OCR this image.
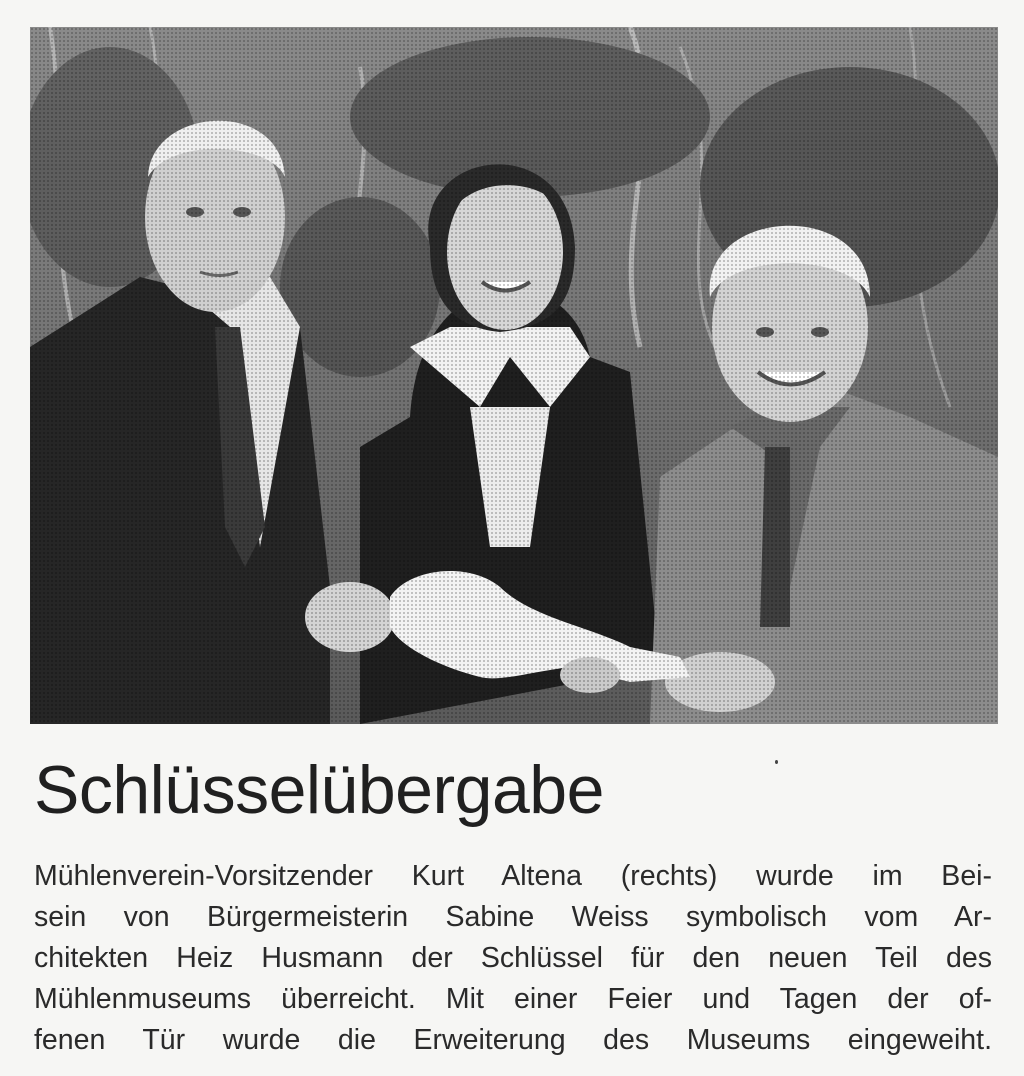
Schlüsselübergabe
Mühlenverein-Vorsitzender Kurt Altena (rechts) wurde im Bei-
sein von Bürgermeisterin Sabine Weiss symbolisch vom Ar-
chitekten Heiz Husmann der Schlüssel für den neuen Teil des
Mühlenmuseums überreicht. Mit einer Feier und Tagen der of-
fenen Tür wurde die Erweiterung des Museums eingeweiht.
